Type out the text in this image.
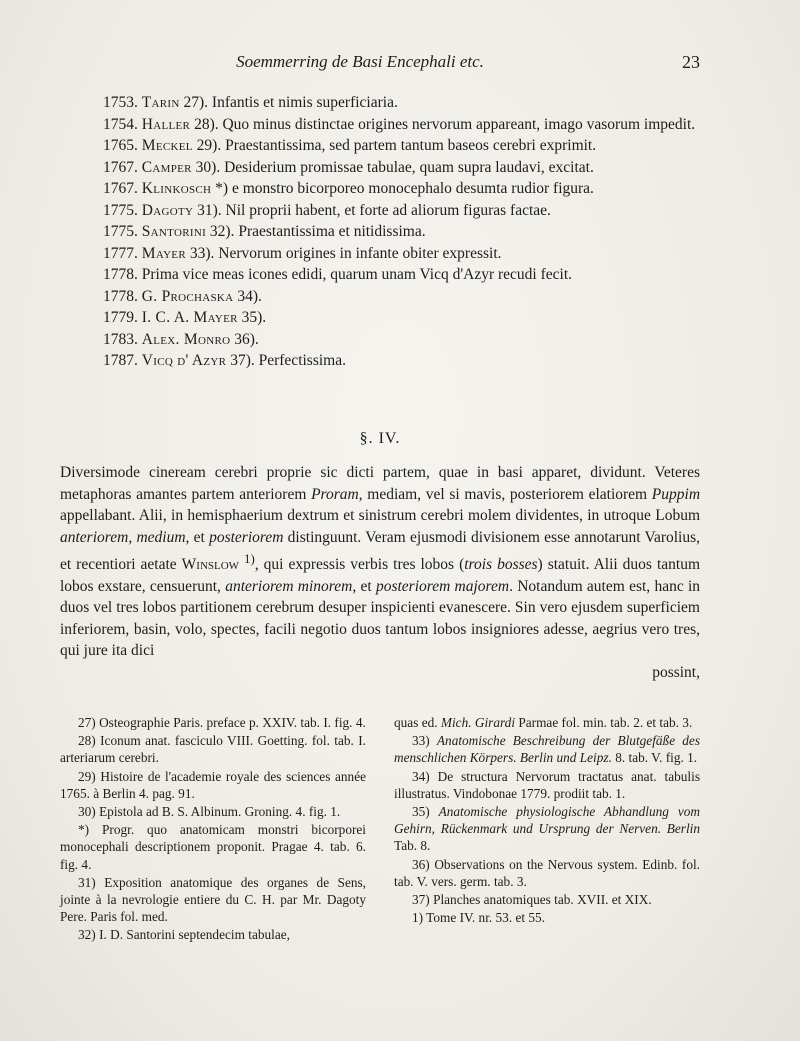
Soemmerring de Basi Encephali etc.	23
1753. Tarin 27). Infantis et nimis superficiaria.
1754. Haller 28). Quo minus distinctae origines nervorum appareant, imago vasorum impedit.
1765. Meckel 29). Praestantissima, sed partem tantum baseos cerebri exprimit.
1767. Camper 30). Desiderium promissae tabulae, quam supra laudavi, excitat.
1767. Klinkosch *) e monstro bicorporeo monocephalo desumta rudior figura.
1775. Dagoty 31). Nil proprii habent, et forte ad aliorum figuras factae.
1775. Santorini 32). Praestantissima et nitidissima.
1777. Mayer 33). Nervorum origines in infante obiter expressit.
1778. Prima vice meas icones edidi, quarum unam Vicq d'Azyr recudi fecit.
1778. G. Prochaska 34).
1779. I. C. A. Mayer 35).
1783. Alex. Monro 36).
1787. Vicq d' Azyr 37). Perfectissima.
§. IV.

Diversimode cineream cerebri proprie sic dicti partem, quae in basi apparet, dividunt. Veteres metaphoras amantes partem anteriorem Proram, mediam, vel si mavis, posteriorem elatiorem Puppim appellabant. Alii, in hemisphaerium dextrum et sinistrum cerebri molem dividentes, in utroque Lobum anteriorem, medium, et posteriorem distinguunt. Veram ejusmodi divisionem esse annotarunt Varolius, et recentiori aetate Winslow $^{1)}$, qui expressis verbis tres lobos (trois bosses) statuit. Alii duos tantum lobos exstare, censuerunt, anteriorem minorem, et posteriorem majorem. Notandum autem est, hanc in duos vel tres lobos partitionem cerebrum desuper inspicienti evanescere. Sin vero ejusdem superficiem inferiorem, basin, volo, spectes, facili negotio duos tantum lobos insigniores adesse, aegrius vero tres, qui jure ita dici

possint,

27) Osteographie Paris. preface p. XXIV. tab. I. fig. 4.
28) Iconum anat. fasciculo VIII. Goetting. fol. tab. I. arteriarum cerebri.
29) Histoire de l'academie royale des sciences année 1765. à Berlin 4. pag. 91.
30) Epistola ad B. S. Albinum. Groning. 4. fig. 1.
*) Progr. quo anatomicam monstri bicorporei monocephali descriptionem proponit. Pragae 4. tab. 6. fig. 4.
31) Exposition anatomique des organes de Sens, jointe à la nevrologie entiere du C. H. par Mr. Dagoty Pere. Paris fol. med.
32) I. D. Santorini septendecim tabulae,
quas ed. Mich. Girardi Parmae fol. min. tab. 2. et tab. 3.
33) Anatomische Beschreibung der Blutgefäße des menschlichen Körpers. Berlin und Leipz. 8. tab. V. fig. 1.
34) De structura Nervorum tractatus anat. tabulis illustratus. Vindobonae 1779. prodiit tab. 1.
35) Anatomische physiologische Abhandlung vom Gehirn, Rückenmark und Ursprung der Nerven. Berlin Tab. 8.
36) Observations on the Nervous system. Edinb. fol. tab. V. vers. germ. tab. 3.
37) Planches anatomiques tab. XVII. et XIX.
1) Tome IV. nr. 53. et 55.
